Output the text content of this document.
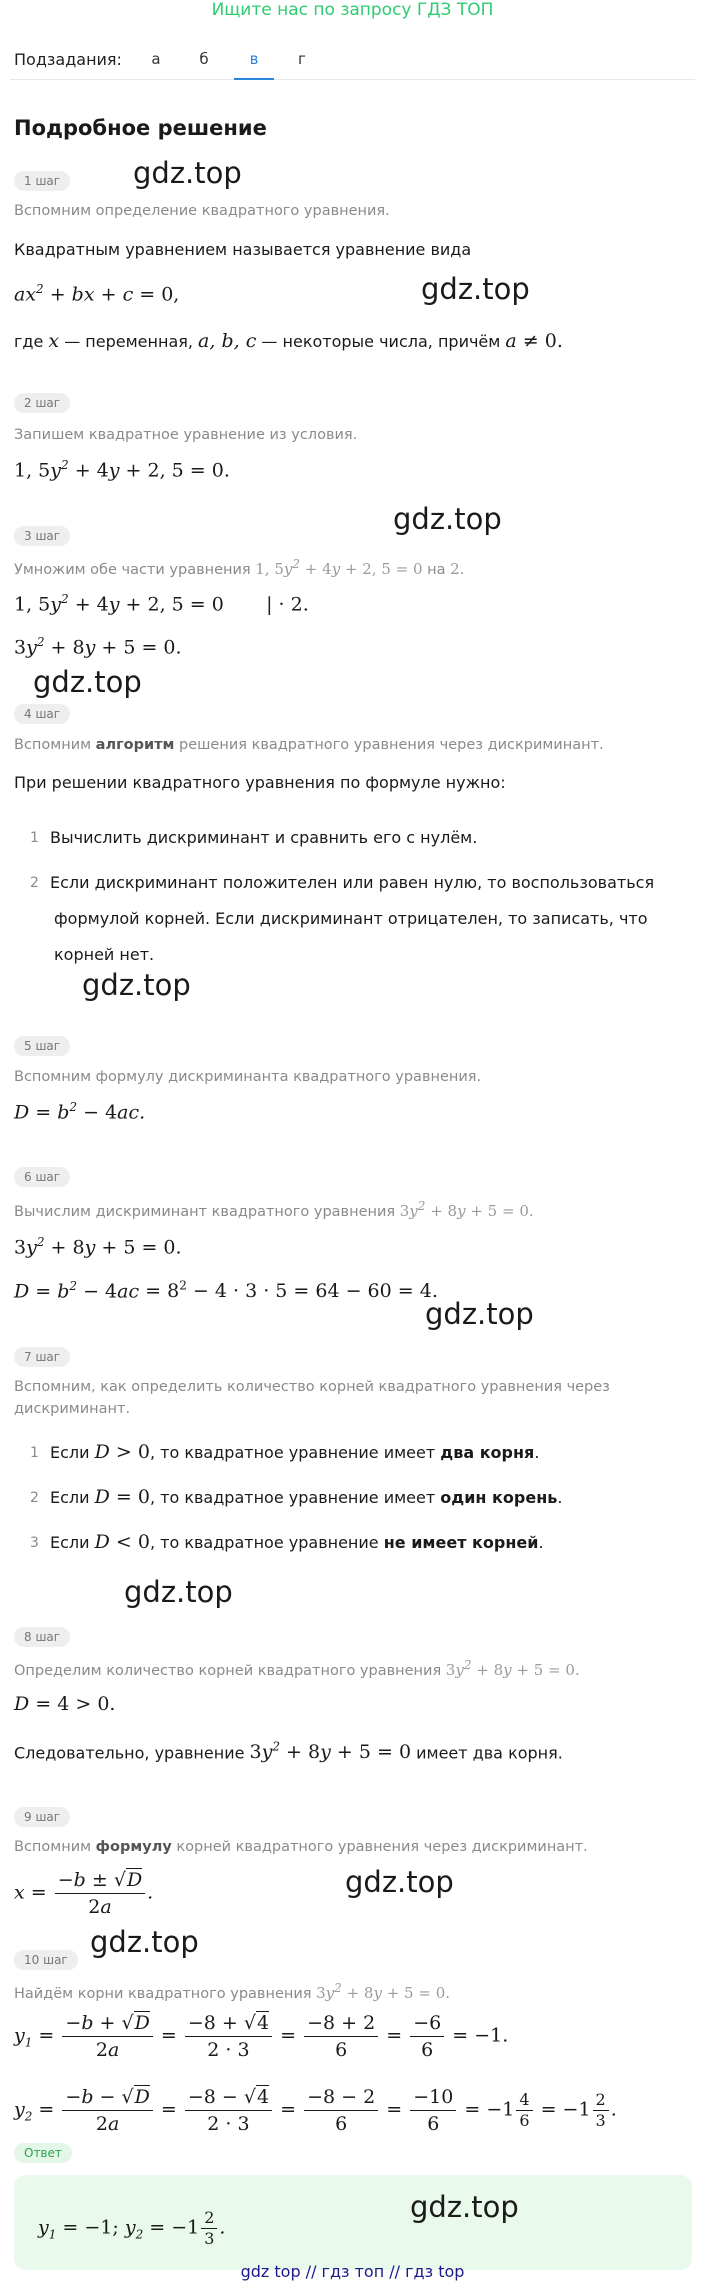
Ищите нас по запросу ГДЗ ТОП
Подзадания:	а	б	в	г
Подробное решение
1 шаг	gdz.top
Вспомним определение квадратного уравнения.
Квадратным уравнением называется уравнение вида
gdz.top
$ax^2$ + bx + c = 0,
где x — переменная, a, b, c — некоторые числа, причём a ≠ 0.
2 шаг
Запишем квадратное уравнение из условия.
1, $5y^2 + 4y + 2$, 5 = 0.
3 шаг	gdz.top
Умножим обе части уравнения 1, $5y^2 + 4y + 2$, 5 = 0 на 2.
1, $5y^2 + 4y + 2$, 5 = 0       | · 2.
$3y^2 + 8y + 5 = 0$.
gdz.top
4 шаг
Вспомним алгоритм решения квадратного уравнения через дискриминант.
При решении квадратного уравнения по формуле нужно:
1 Вычислить дискриминант и сравнить его с нулём.
2 Если дискриминант положителен или равен нулю, то воспользоваться
формулой корней. Если дискриминант отрицателен, то записать, что
корней нет.
gdz.top
5 шаг
Вспомним формулу дискриминанта квадратного уравнения.
$D = b^2 - 4ac$.
6 шаг
Вычислим дискриминант квадратного уравнения $3y^2 + 8y + 5 = 0$.
$3y^2 + 8y + 5 = 0$.
$D = b^2 - 4ac = 8^2 - 4 \cdot 3 \cdot 5 = 64 - 60 = 4$.
gdz.top
7 шаг
Вспомним, как определить количество корней квадратного уравнения через
дискриминант.
1 Если D > 0, то квадратное уравнение имеет два корня.
2 Если D = 0, то квадратное уравнение имеет один корень.
3 Если D < 0, то квадратное уравнение не имеет корней.
gdz.top
8 шаг
Определим количество корней квадратного уравнения $3y^2 + 8y + 5 = 0$.
D = 4 > 0.
Следовательно, уравнение $3y^2 + 8y + 5 = 0$ имеет два корня.
9 шаг
Вспомним формулу корней квадратного уравнения через дискриминант.
$x = \frac{-b \pm √D}{2a}$ .	gdz.top
gdz.top
10 шаг
Найдём корни квадратного уравнения $3y^2 + 8y + 5 = 0$.
$y_1 = \frac{-b + √D}{2a} = \frac{-8 + √4}{2 \cdot 3} = \frac{-8 + 2}{6} = \frac{-6}{6} = -1$.
$y_2 = \frac{-b - √D}{2a} = \frac{-8 - √4}{2 \cdot 3} = \frac{-8 - 2}{6} = \frac{-10}{6} = -1 \frac{4}{6} = -1 \frac{2}{3}$ .
Ответ
$y_1 = -1$; $y_2 = -1 \frac{2}{3}$ .
gdz.top
gdz top // гдз топ // гдз top
